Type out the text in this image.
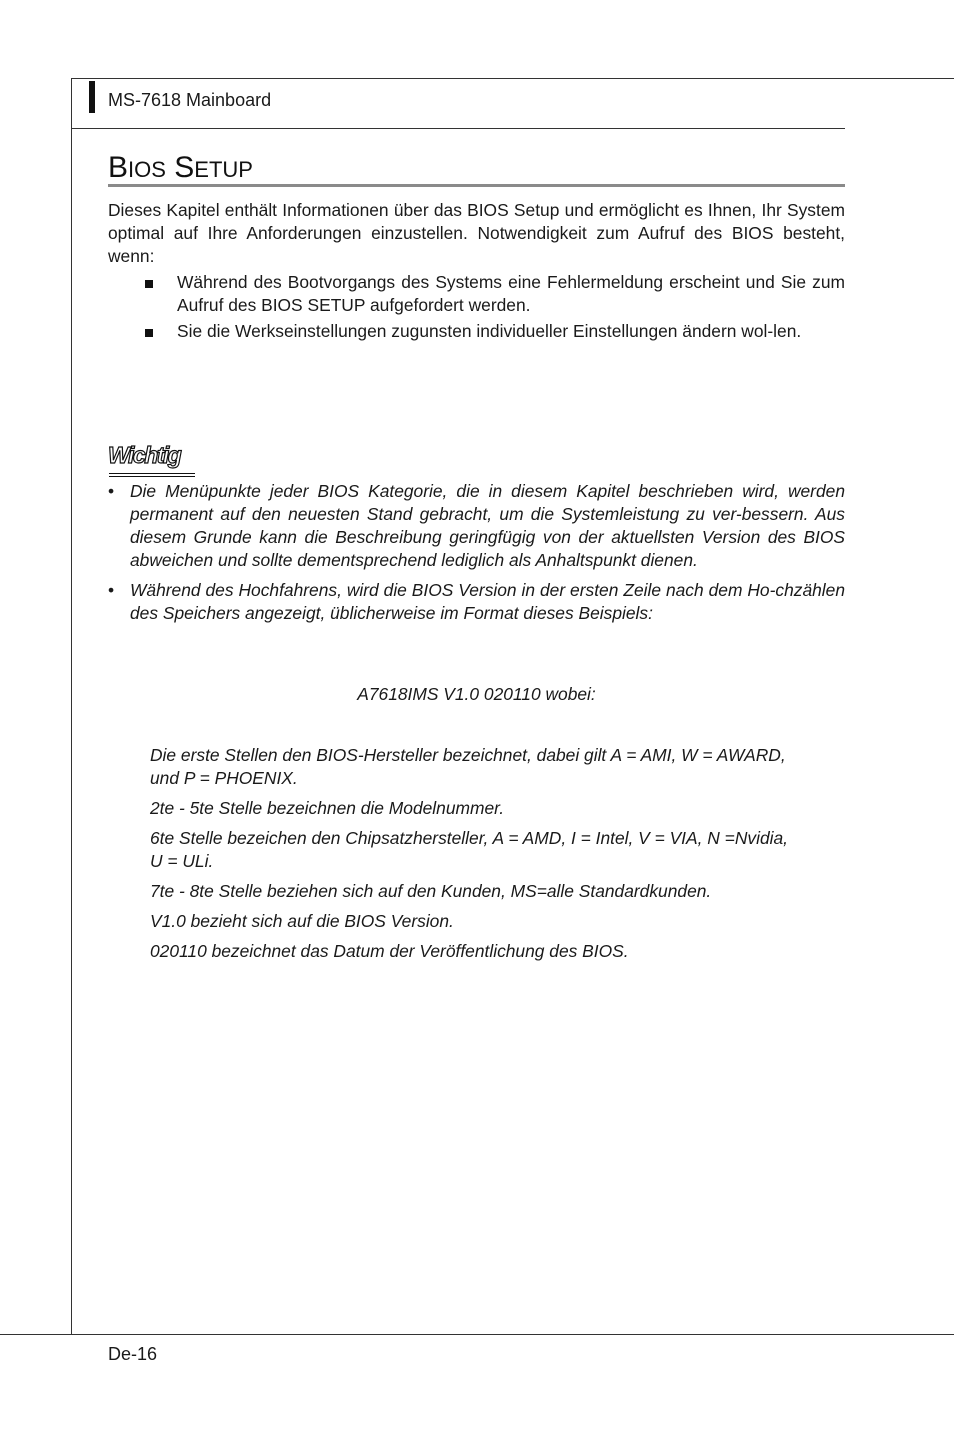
MS-7618 Mainboard
BIOS SETUP

Dieses Kapitel enthält Informationen über das BIOS Setup und ermöglicht es Ihnen, Ihr System optimal auf Ihre Anforderungen einzustellen. Notwendigkeit zum Aufruf des BIOS besteht, wenn:

Während des Bootvorgangs des Systems eine Fehlermeldung erscheint und Sie zum Aufruf des BIOS SETUP aufgefordert werden.
Sie die Werkseinstellungen zugunsten individueller Einstellungen ändern wol-len.
Wichtig
• Die Menüpunkte jeder BIOS Kategorie, die in diesem Kapitel beschrieben wird, werden permanent auf den neuesten Stand gebracht, um die Systemleistung zu ver-bessern. Aus diesem Grunde kann die Beschreibung geringfügig von der aktuellsten Version des BIOS abweichen und sollte dementsprechend lediglich als Anhaltspunkt dienen.
• Während des Hochfahrens, wird die BIOS Version in der ersten Zeile nach dem Ho-chzählen des Speichers angezeigt, üblicherweise im Format dieses Beispiels:

A7618IMS V1.0 020110 wobei:

Die erste Stellen den BIOS-Hersteller bezeichnet, dabei gilt A = AMI, W = AWARD, und P = PHOENIX.

2te - 5te Stelle bezeichnen die Modelnummer.

6te Stelle bezeichen den Chipsatzhersteller, A = AMD, I = Intel, V = VIA, N =Nvidia, U = ULi.

7te - 8te Stelle beziehen sich auf den Kunden, MS=alle Standardkunden.

V1.0 bezieht sich auf die BIOS Version.

020110 bezeichnet das Datum der Veröffentlichung des BIOS.

De-16
